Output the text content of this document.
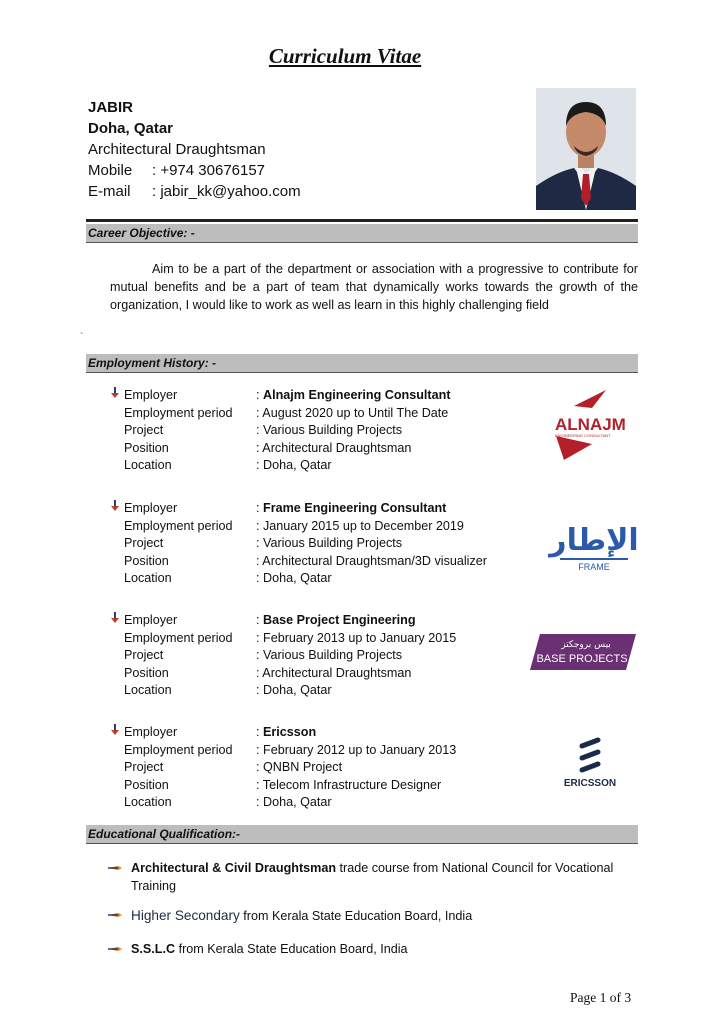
Curriculum Vitae
JABIR
Doha, Qatar
Architectural Draughtsman
Mobile : +974 30676157
E-mail : jabir_kk@yahoo.com
Career Objective: -
Aim to be a part of the department or association with a progressive to contribute for mutual benefits and be a part of team that dynamically works towards the growth of the organization, I would like to work as well as learn in this highly challenging field
`
Employment History: -
Employer	: Alnajm Engineering Consultant
Employment period	: August 2020 up to Until The Date
Project	: Various Building Projects
Position	: Architectural Draughtsman
Location	: Doha, Qatar
ALNAJM
ENGINEERING CONSULTANT
Employer	: Frame Engineering Consultant
Employment period	: January 2015 up to December 2019
Project	: Various Building Projects
Position	: Architectural Draughtsman/3D visualizer
Location	: Doha, Qatar
الإطار
FRAME
Employer	: Base Project Engineering
Employment period	: February 2013 up to January 2015
Project	: Various Building Projects
Position	: Architectural Draughtsman
Location	: Doha, Qatar
بيس بروجكتز
BASE PROJECTS
Employer	: Ericsson
Employment period	: February 2012 up to January 2013
Project	: QNBN Project
Position	: Telecom Infrastructure Designer
Location	: Doha, Qatar
ERICSSON
Educational Qualification:-
Architectural & Civil Draughtsman trade course from National Council for Vocational Training
Higher Secondary from Kerala State Education Board, India
S.S.L.C from Kerala State Education Board, India
Page 1 of 3
